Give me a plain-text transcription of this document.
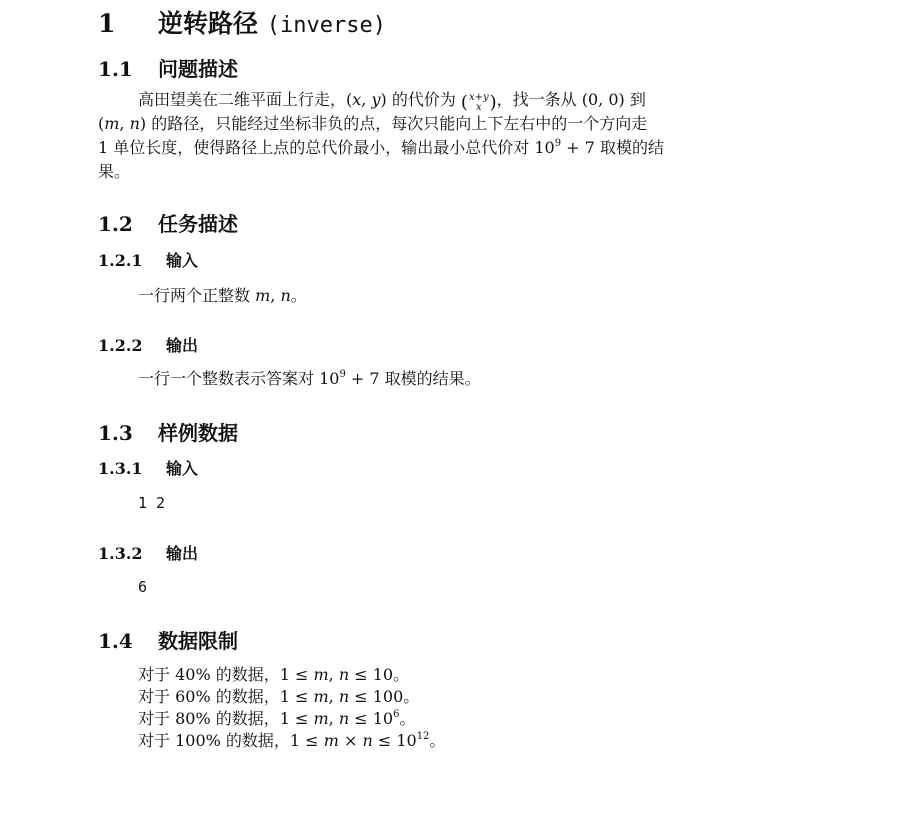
1 逆转路径 (inverse)
1.1 问题描述
高田望美在二维平面上行走，(x, y) 的代价为 ( x+y
x )，找一条从 (0, 0) 到
(m, n) 的路径，只能经过坐标非负的点，每次只能向上下左右中的一个方向走
1 单位长度，使得路径上点的总代价最小，输出最小总代价对 $10^9 + 7$ 取模的结
果。
1.2 任务描述
1.2.1 输入
一行两个正整数 m, n。
1.2.2 输出
一行一个整数表示答案对 $10^9 + 7$ 取模的结果。
1.3 样例数据
1.3.1 输入
1 2
1.3.2 输出
6
1.4 数据限制
对于 40% 的数据，1 ≤ m, n ≤ 10。
对于 60% 的数据，1 ≤ m, n ≤ 100。
对于 80% 的数据，1 ≤ m, $n \le 10^6$。
对于 100% 的数据，$1 \le m \times n \le 10^{12}$。
